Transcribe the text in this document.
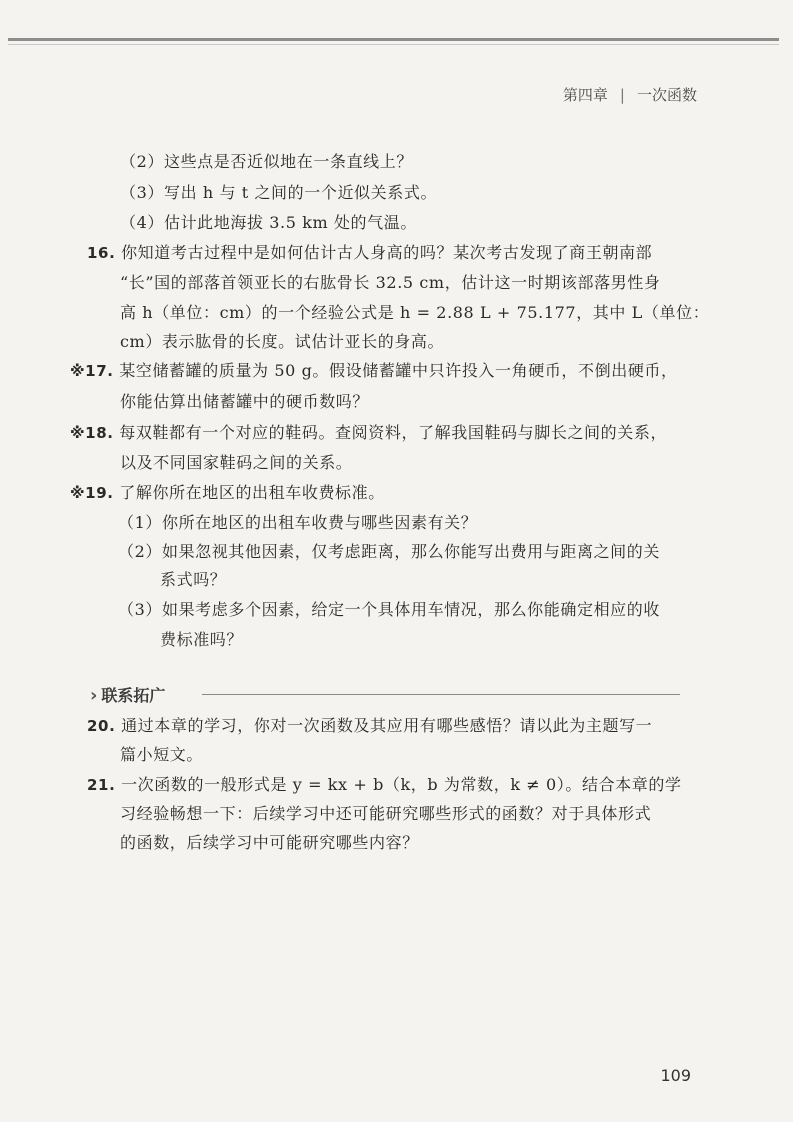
第四章 | 一次函数
（2）这些点是否近似地在一条直线上？
（3）写出 h 与 t 之间的一个近似关系式。
（4）估计此地海拔 3.5 km 处的气温。
16. 你知道考古过程中是如何估计古人身高的吗？某次考古发现了商王朝南部
“长”国的部落首领亚长的右肱骨长 32.5 cm，估计这一时期该部落男性身
高 h（单位：cm）的一个经验公式是 h = 2.88 L + 75.177，其中 L（单位：
cm）表示肱骨的长度。试估计亚长的身高。
※17. 某空储蓄罐的质量为 50 g。假设储蓄罐中只许投入一角硬币，不倒出硬币，
你能估算出储蓄罐中的硬币数吗？
※18. 每双鞋都有一个对应的鞋码。查阅资料，了解我国鞋码与脚长之间的关系，
以及不同国家鞋码之间的关系。
※19. 了解你所在地区的出租车收费标准。
（1）你所在地区的出租车收费与哪些因素有关？
（2）如果忽视其他因素，仅考虑距离，那么你能写出费用与距离之间的关
系式吗？
（3）如果考虑多个因素，给定一个具体用车情况，那么你能确定相应的收
费标准吗？
› 联系拓广
20. 通过本章的学习，你对一次函数及其应用有哪些感悟？请以此为主题写一
篇小短文。
21. 一次函数的一般形式是 y = kx + b（k，b 为常数，k ≠ 0）。结合本章的学
习经验畅想一下：后续学习中还可能研究哪些形式的函数？对于具体形式
的函数，后续学习中可能研究哪些内容？
109
